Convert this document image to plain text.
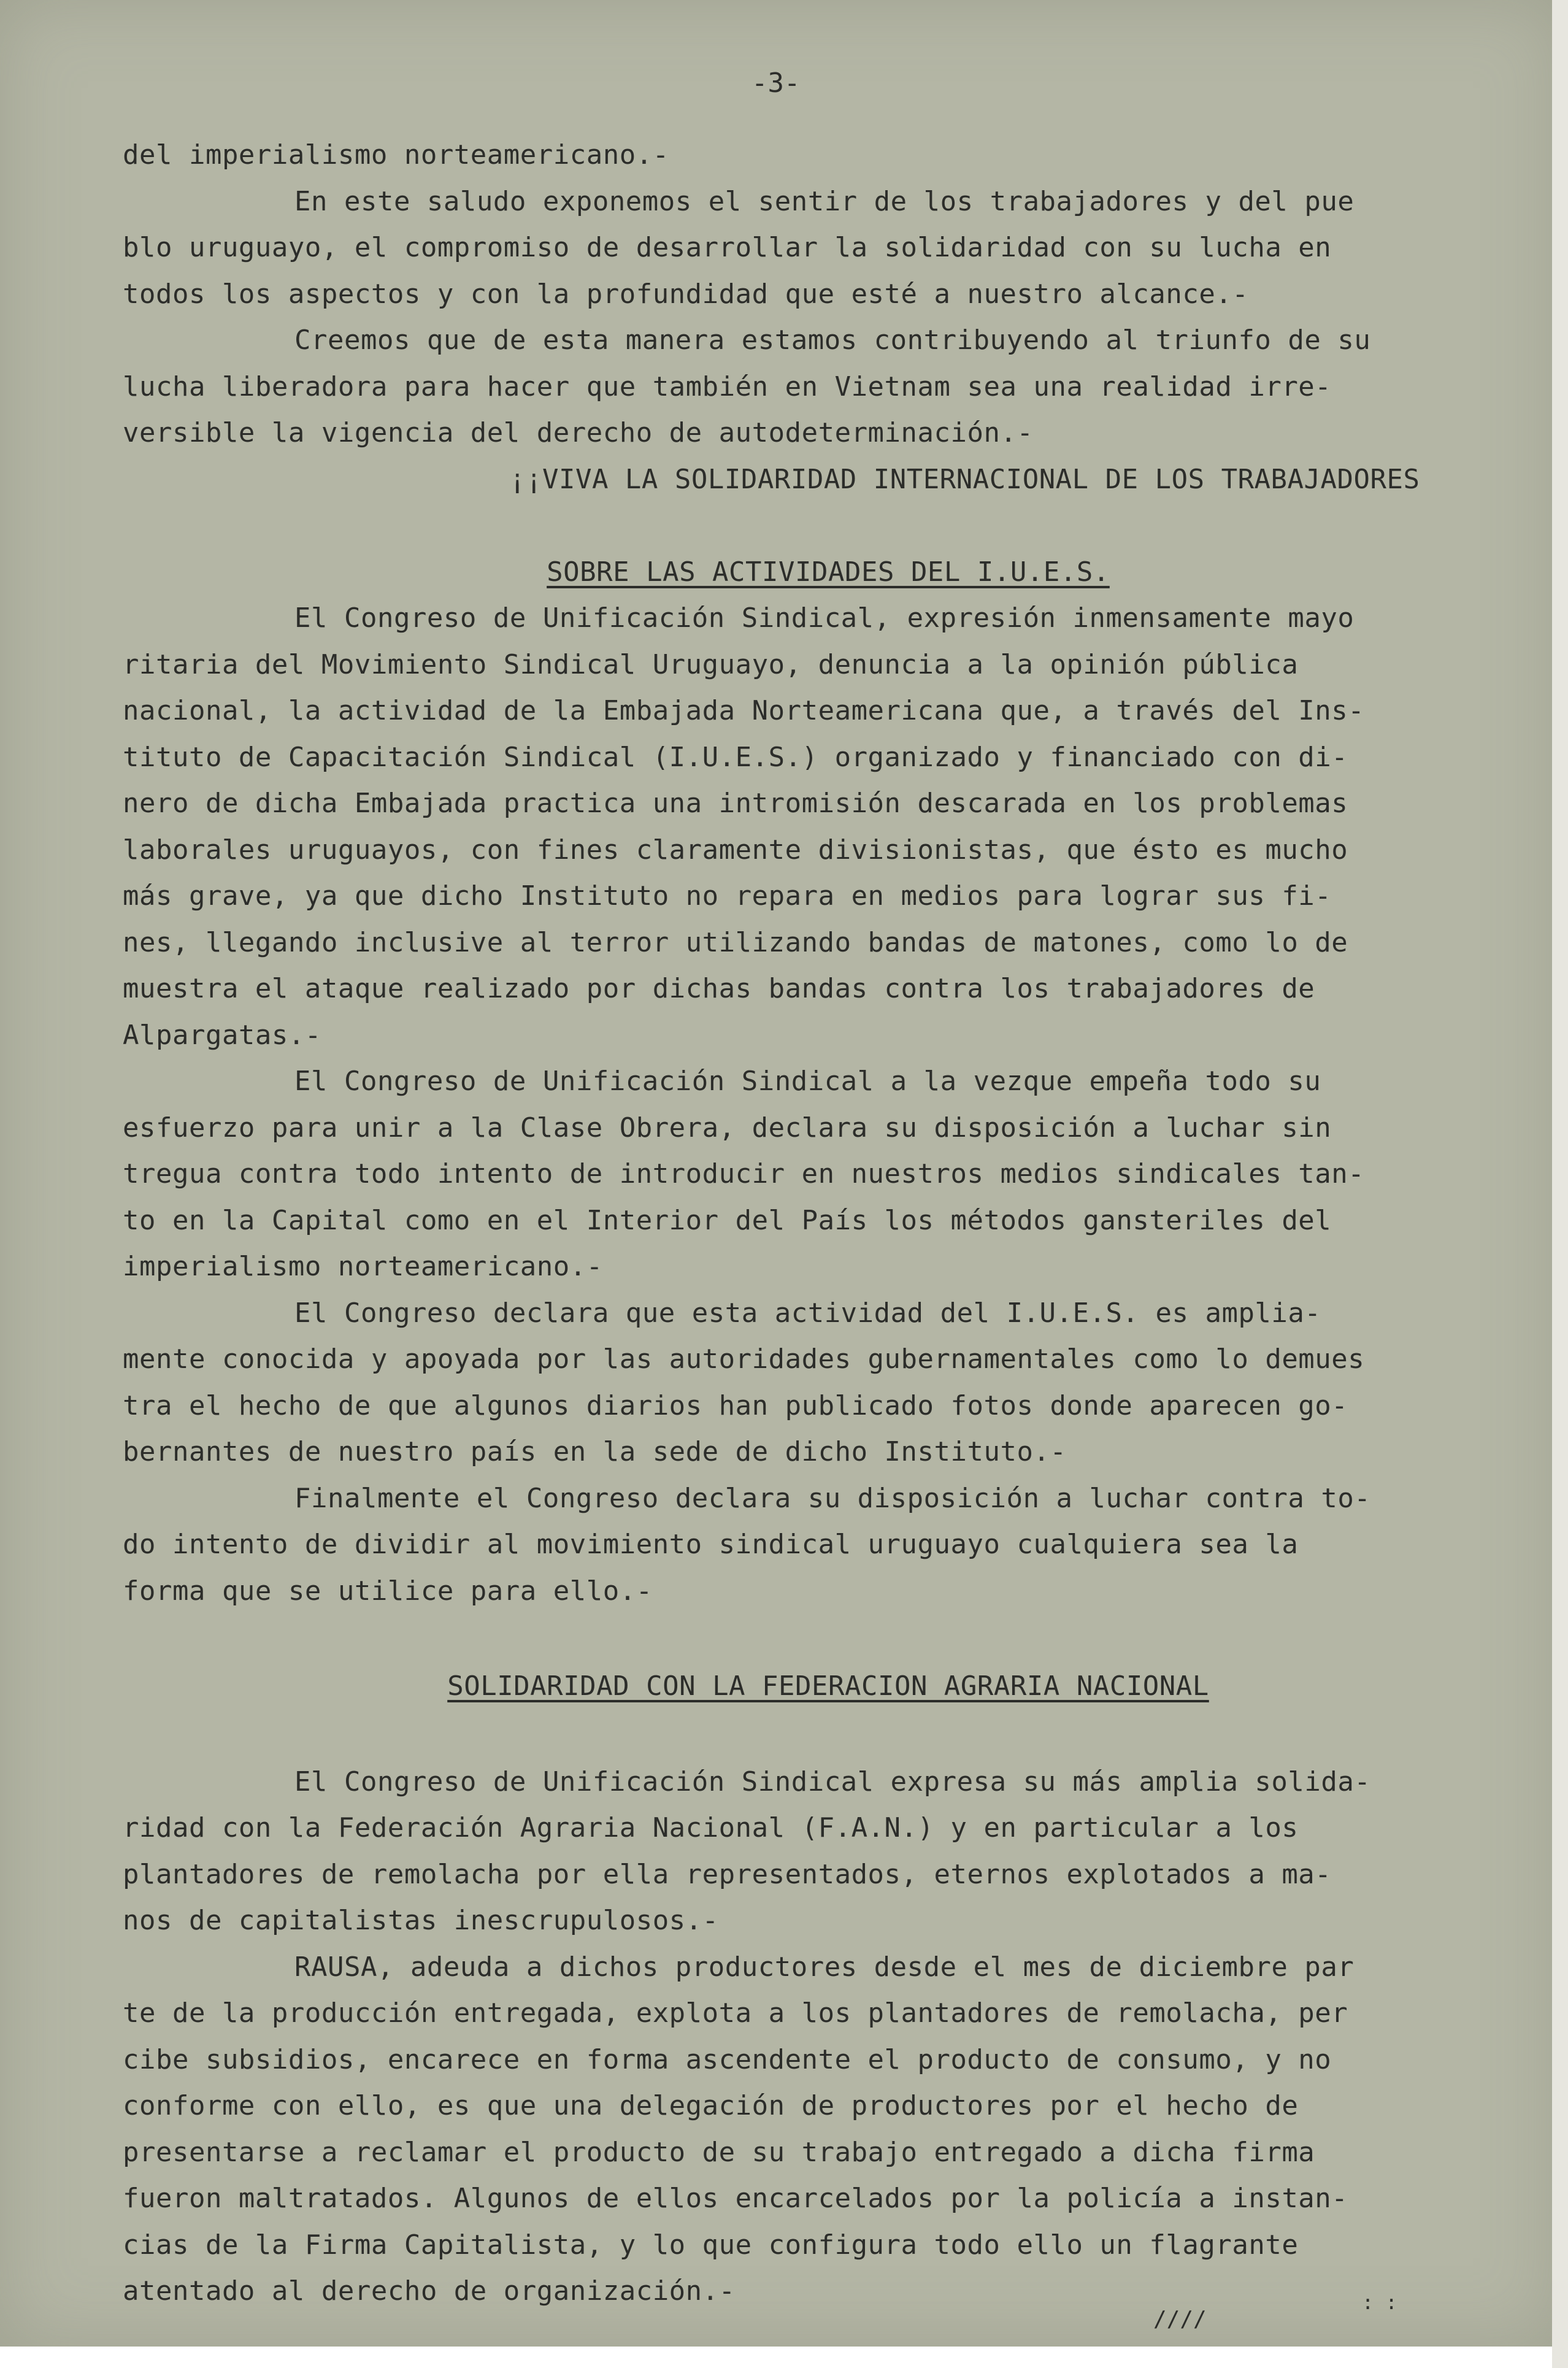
-3-
del imperialismo norteamericano.-
En este saludo exponemos el sentir de los trabajadores y del pue
blo uruguayo, el compromiso de desarrollar la solidaridad con su lucha en
todos los aspectos y con la profundidad que esté a nuestro alcance.-
Creemos que de esta manera estamos contribuyendo al triunfo de su
lucha liberadora para hacer que también en Vietnam sea una realidad irre-
versible la vigencia del derecho de autodeterminación.-
¡¡VIVA LA SOLIDARIDAD INTERNACIONAL DE LOS TRABAJADORES
SOBRE LAS ACTIVIDADES DEL I.U.E.S.
El Congreso de Unificación Sindical, expresión inmensamente mayo
ritaria del Movimiento Sindical Uruguayo, denuncia a la opinión pública
nacional, la actividad de la Embajada Norteamericana que, a través del Ins-
tituto de Capacitación Sindical (I.U.E.S.) organizado y financiado con di-
nero de dicha Embajada practica una intromisión descarada en los problemas
laborales uruguayos, con fines claramente divisionistas, que ésto es mucho
más grave, ya que dicho Instituto no repara en medios para lograr sus fi-
nes, llegando inclusive al terror utilizando bandas de matones, como lo de
muestra el ataque realizado por dichas bandas contra los trabajadores de
Alpargatas.-
El Congreso de Unificación Sindical a la vezque empeña todo su
esfuerzo para unir a la Clase Obrera, declara su disposición a luchar sin
tregua contra todo intento de introducir en nuestros medios sindicales tan-
to en la Capital como en el Interior del País los métodos gansteriles del
imperialismo norteamericano.-
El Congreso declara que esta actividad del I.U.E.S. es amplia-
mente conocida y apoyada por las autoridades gubernamentales como lo demues
tra el hecho de que algunos diarios han publicado fotos donde aparecen go-
bernantes de nuestro país en la sede de dicho Instituto.-
Finalmente el Congreso declara su disposición a luchar contra to-
do intento de dividir al movimiento sindical uruguayo cualquiera sea la
forma que se utilice para ello.-
SOLIDARIDAD CON LA FEDERACION AGRARIA NACIONAL
El Congreso de Unificación Sindical expresa su más amplia solida-
ridad con la Federación Agraria Nacional (F.A.N.) y en particular a los
plantadores de remolacha por ella representados, eternos explotados a ma-
nos de capitalistas inescrupulosos.-
RAUSA, adeuda a dichos productores desde el mes de diciembre par
te de la producción entregada, explota a los plantadores de remolacha, per
cibe subsidios, encarece en forma ascendente el producto de consumo, y no
conforme con ello, es que una delegación de productores por el hecho de
presentarse a reclamar el producto de su trabajo entregado a dicha firma
fueron maltratados. Algunos de ellos encarcelados por la policía a instan-
cias de la Firma Capitalista, y lo que configura todo ello un flagrante
atentado al derecho de organización.-
////
: :
